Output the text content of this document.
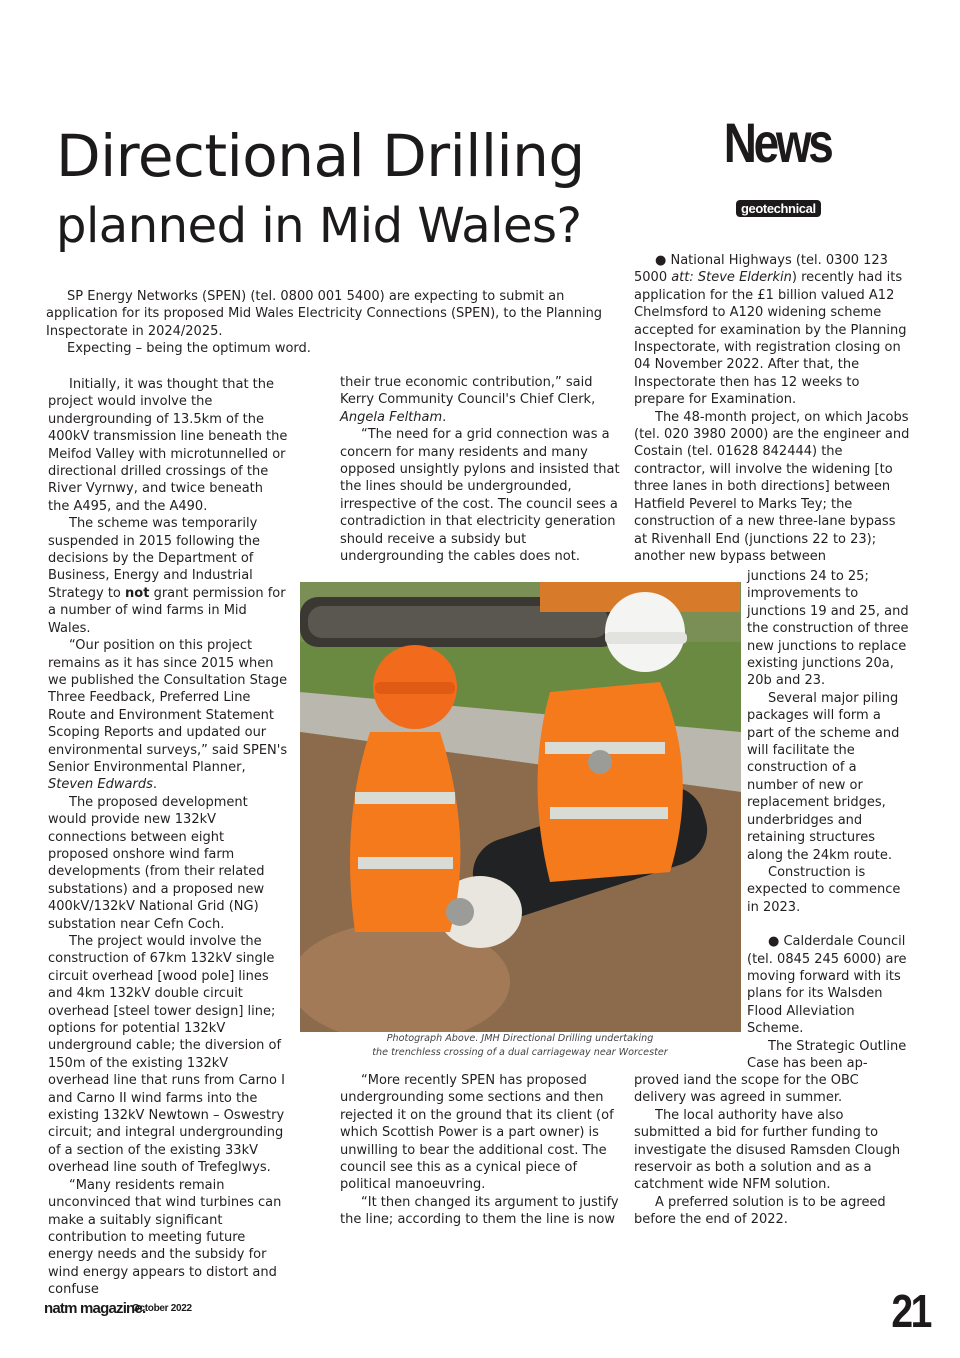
Directional Drilling
planned in Mid Wales?
News
geotechnical

SP Energy Networks (SPEN) (tel. 0800 001 5400) are expecting to submit an application for its proposed Mid Wales Electricity Connections (SPEN), to the Planning Inspectorate in 2024/2025.

Expecting – being the optimum word.

Initially, it was thought that the project would involve the undergrounding of 13.5km of the 400kV transmission line beneath the Meifod Valley with microtunnelled or directional drilled crossings of the River Vyrnwy, and twice beneath the A495, and the A490.

The scheme was temporarily suspended in 2015 following the decisions by the Department of Business, Energy and Industrial Strategy to not grant permission for a number of wind farms in Mid Wales.

“Our position on this project remains as it has since 2015 when we published the Consultation Stage Three Feedback, Preferred Line Route and Environment Statement Scoping Reports and updated our environmental surveys,” said SPEN's Senior Environmental Planner, Steven Edwards.

The proposed development would provide new 132kV connections between eight proposed onshore wind farm developments (from their related substations) and a proposed new 400kV/132kV National Grid (NG) substation near Cefn Coch.

The project would involve the construction of 67km 132kV single circuit overhead [wood pole] lines and 4km 132kV double circuit overhead [steel tower design] line; options for potential 132kV underground cable; the diversion of 150m of the existing 132kV overhead line that runs from Carno I and Carno II wind farms into the existing 132kV Newtown – Oswestry circuit; and integral undergrounding of a section of the existing 33kV overhead line south of Trefeglwys.

“Many residents remain unconvinced that wind turbines can make a suitably significant contribution to meeting future energy needs and the subsidy for wind energy appears to distort and confuse

their true economic contribution,” said Kerry Community Council's Chief Clerk, Angela Feltham.

“The need for a grid connection was a concern for many residents and many opposed unsightly pylons and insisted that the lines should be undergrounded, irrespective of the cost. The council sees a contradiction in that electricity generation should receive a subsidy but undergrounding the cables does not.

Photograph Above. JMH Directional Drilling undertaking
the trenchless crossing of a dual carriageway near Worcester

“More recently SPEN has proposed undergrounding some sections and then rejected it on the ground that its client (of which Scottish Power is a part owner) is unwilling to bear the additional cost. The council see this as a cynical piece of political manoeuvring.

“It then changed its argument to justify the line; according to them the line is now

● National Highways (tel. 0300 123 5000 att: Steve Elderkin) recently had its application for the £1 billion valued A12 Chelmsford to A120 widening scheme accepted for examination by the Planning Inspectorate, with registration closing on 04 November 2022. After that, the Inspectorate then has 12 weeks to prepare for Examination.

The 48-month project, on which Jacobs (tel. 020 3980 2000) are the engineer and Costain (tel. 01628 842444) the contractor, will involve the widening [to three lanes in both directions] between Hatfield Peverel to Marks Tey; the construction of a new three-lane bypass at Rivenhall End (junctions 22 to 23); another new bypass between

junctions 24 to 25; improvements to junctions 19 and 25, and the construction of three new junctions to replace existing junctions 20a, 20b and 23.

Several major piling packages will form a part of the scheme and will facilitate the construction of a number of new or replacement bridges, underbridges and retaining structures along the 24km route.

Construction is expected to commence in 2023.

● Calderdale Council (tel. 0845 245 6000) are moving forward with its plans for its Walsden Flood Alleviation Scheme.

The Strategic Outline Case has been ap-

proved iand the scope for the OBC delivery was agreed in summer.

The local authority have also submitted a bid for further funding to investigate the disused Ramsden Clough reservoir as both a solution and as a catchment wide NFM solution.

A preferred solution is to be agreed before the end of 2022.

natm magazine.
October 2022	21
